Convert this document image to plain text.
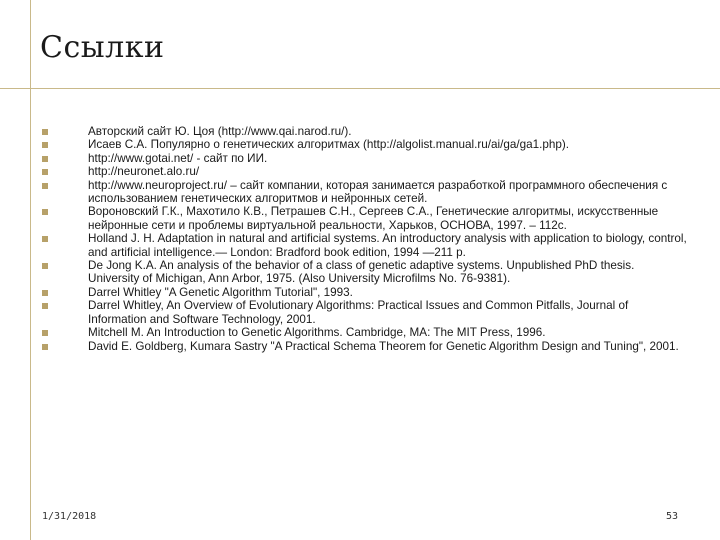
Ссылки
Авторский сайт Ю. Цоя (http://www.qai.narod.ru/).
Исаев С.А. Популярно о генетических алгоритмах (http://algolist.manual.ru/ai/ga/ga1.php).
http://www.gotai.net/ - сайт по ИИ.
http://neuronet.alo.ru/
http://www.neuroproject.ru/ – сайт компании, которая занимается разработкой программного обеспечения с использованием генетических алгоритмов и нейронных сетей.
Вороновский Г.К., Махотило К.В., Петрашев С.Н., Сергеев С.А., Генетические алгоритмы, искусственные нейронные сети и проблемы виртуальной реальности, Харьков, ОСНОВА, 1997. – 112с.
Holland J. H. Adaptation in natural and artificial systems. An introductory analysis with application to biology, control, and artificial intelligence.— London: Bradford book edition, 1994 —211 p.
De Jong K.A. An analysis of the behavior of a class of genetic adaptive systems. Unpublished PhD thesis. University of Michigan, Ann Arbor, 1975. (Also University Microfilms No. 76-9381).
Darrel Whitley "A Genetic Algorithm Tutorial", 1993.
Darrel Whitley, An Overview of Evolutionary Algorithms: Practical Issues and Common Pitfalls, Journal of Information and Software Technology, 2001.
Mitchell M. An Introduction to Genetic Algorithms. Cambridge, MA: The MIT Press, 1996.
David E. Goldberg, Kumara Sastry "A Practical Schema Theorem for Genetic Algorithm Design and Tuning", 2001.
1/31/2018	53
